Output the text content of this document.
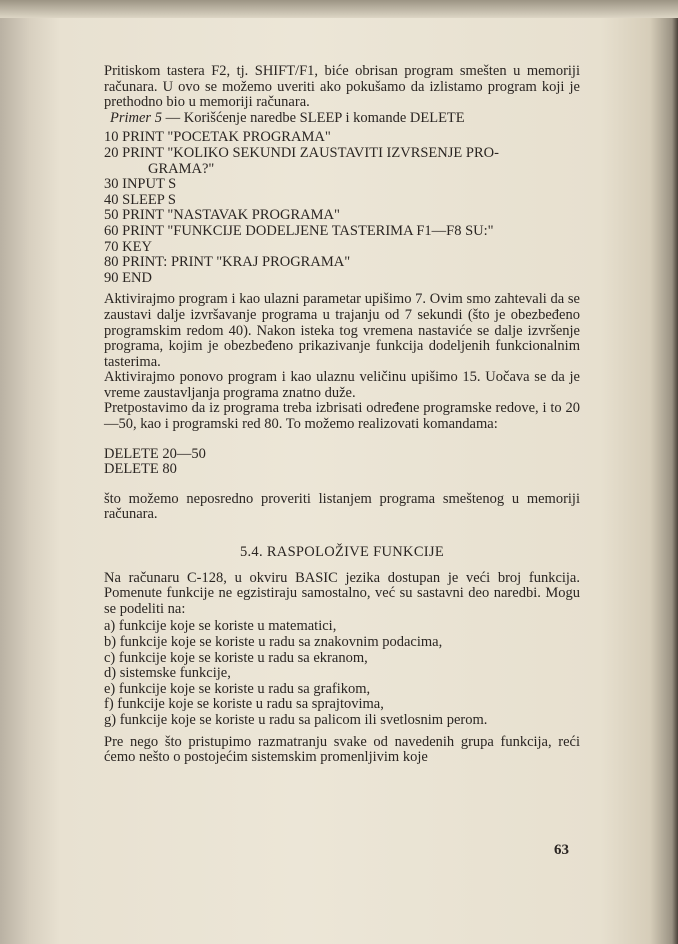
Pritiskom tastera F2, tj. SHIFT/F1, biće obrisan program smešten u memoriji računara. U ovo se možemo uveriti ako pokušamo da izlistamo program koji je prethodno bio u memoriji računara.

Primer 5 — Korišćenje naredbe SLEEP i komande DELETE

10 PRINT "POCETAK PROGRAMA"

20 PRINT "KOLIKO SEKUNDI ZAUSTAVITI IZVRSENJE PRO-

GRAMA?"

30 INPUT S

40 SLEEP S

50 PRINT "NASTAVAK PROGRAMA"

60 PRINT "FUNKCIJE DODELJENE TASTERIMA F1—F8 SU:"

70 KEY

80 PRINT: PRINT "KRAJ PROGRAMA"

90 END

Aktivirajmo program i kao ulazni parametar upišimo 7. Ovim smo zahtevali da se zaustavi dalje izvršavanje programa u trajanju od 7 sekundi (što je obezbeđeno programskim redom 40). Nakon isteka tog vremena nastaviće se dalje izvršenje programa, kojim je obezbeđeno prikazivanje funkcija dodeljenih funkcionalnim tasterima.

Aktivirajmo ponovo program i kao ulaznu veličinu upišimo 15. Uočava se da je vreme zaustavljanja programa znatno duže.

Pretpostavimo da iz programa treba izbrisati određene programske redove, i to 20—50, kao i programski red 80. To možemo realizovati komandama:

DELETE 20—50

DELETE 80

što možemo neposredno proveriti listanjem programa smeštenog u memoriji računara.

5.4. RASPOLOŽIVE FUNKCIJE

Na računaru C-128, u okviru BASIC jezika dostupan je veći broj funkcija. Pomenute funkcije ne egzistiraju samostalno, već su sastavni deo naredbi. Mogu se podeliti na:

a) funkcije koje se koriste u matematici,
b) funkcije koje se koriste u radu sa znakovnim podacima,
c) funkcije koje se koriste u radu sa ekranom,
d) sistemske funkcije,
e) funkcije koje se koriste u radu sa grafikom,
f) funkcije koje se koriste u radu sa sprajtovima,
g) funkcije koje se koriste u radu sa palicom ili svetlosnim perom.

Pre nego što pristupimo razmatranju svake od navedenih grupa funkcija, reći ćemo nešto o postojećim sistemskim promenljivim koje

63
